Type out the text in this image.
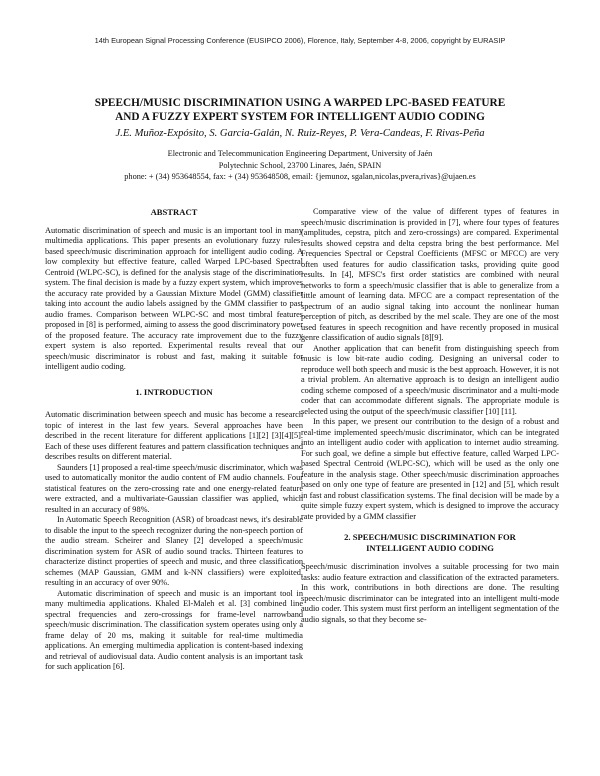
14th European Signal Processing Conference (EUSIPCO 2006), Florence, Italy, September 4-8, 2006, copyright by EURASIP
SPEECH/MUSIC DISCRIMINATION USING A WARPED LPC-BASED FEATURE
AND A FUZZY EXPERT SYSTEM FOR INTELLIGENT AUDIO CODING
J.E. Muñoz-Expósito, S. Garcia-Galán, N. Ruiz-Reyes, P. Vera-Candeas, F. Rivas-Peña
Electronic and Telecommunication Engineering Department, University of Jaén
Polytechnic School, 23700 Linares, Jaén, SPAIN
phone: + (34) 953648554, fax: + (34) 953648508, email: {jemunoz, sgalan,nicolas,pvera,rivas}@ujaen.es
ABSTRACT

Automatic discrimination of speech and music is an important tool in many multimedia applications. This paper presents an evolutionary fuzzy rules-based speech/music discrimination approach for intelligent audio coding. A low complexity but effective feature, called Warped LPC-based Spectral Centroid (WLPC-SC), is defined for the analysis stage of the discrimination system. The final decision is made by a fuzzy expert system, which improves the accuracy rate provided by a Gaussian Mixture Model (GMM) classifier taking into account the audio labels assigned by the GMM classifier to past audio frames. Comparison between WLPC-SC and most timbral features proposed in [8] is performed, aiming to assess the good discriminatory power of the proposed feature. The accuracy rate improvement due to the fuzzy expert system is also reported. Experimental results reveal that our speech/music discriminator is robust and fast, making it suitable for intelligent audio coding.

1. INTRODUCTION

Automatic discrimination between speech and music has become a research topic of interest in the last few years. Several approaches have been described in the recent literature for different applications [1][2] [3][4][5]. Each of these uses different features and pattern classification techniques and describes results on different material.

Saunders [1] proposed a real-time speech/music discriminator, which was used to automatically monitor the audio content of FM audio channels. Four statistical features on the zero-crossing rate and one energy-related feature were extracted, and a multivariate-Gaussian classifier was applied, which resulted in an accuracy of 98%.

In Automatic Speech Recognition (ASR) of broadcast news, it's desirable to disable the input to the speech recognizer during the non-speech portion of the audio stream. Scheirer and Slaney [2] developed a speech/music discrimination system for ASR of audio sound tracks. Thirteen features to characterize distinct properties of speech and music, and three classification schemes (MAP Gaussian, GMM and k-NN classifiers) were exploited, resulting in an accuracy of over 90%.

Automatic discrimination of speech and music is an important tool in many multimedia applications. Khaled El-Maleh et al. [3] combined line spectral frequencies and zero-crossings for frame-level narrowband speech/music discrimination. The classification system operates using only a frame delay of 20 ms, making it suitable for real-time multimedia applications. An emerging multimedia application is content-based indexing and retrieval of audiovisual data. Audio content analysis is an important task for such application [6].

Comparative view of the value of different types of features in speech/music discrimination is provided in [7], where four types of features (amplitudes, cepstra, pitch and zero-crossings) are compared. Experimental results showed cepstra and delta cepstra bring the best performance. Mel Frequencies Spectral or Cepstral Coefficients (MFSC or MFCC) are very often used features for audio classification tasks, providing quite good results. In [4], MFSC's first order statistics are combined with neural networks to form a speech/music classifier that is able to generalize from a little amount of learning data. MFCC are a compact representation of the spectrum of an audio signal taking into account the nonlinear human perception of pitch, as described by the mel scale. They are one of the most used features in speech recognition and have recently proposed in musical genre classification of audio signals [8][9].

Another application that can benefit from distinguishing speech from music is low bit-rate audio coding. Designing an universal coder to reproduce well both speech and music is the best approach. However, it is not a trivial problem. An alternative approach is to design an intelligent audio coding scheme composed of a speech/music discriminator and a multi-mode coder that can accommodate different signals. The appropriate module is selected using the output of the speech/music classifier [10] [11].

In this paper, we present our contribution to the design of a robust and real-time implemented speech/music discriminator, which can be integrated into an intelligent audio coder with application to internet audio streaming. For such goal, we define a simple but effective feature, called Warped LPC-based Spectral Centroid (WLPC-SC), which will be used as the only one feature in the analysis stage. Other speech/music discrimination approaches based on only one type of feature are presented in [12] and [5], which result in fast and robust classification systems. The final decision will be made by a quite simple fuzzy expert system, which is designed to improve the accuracy rate provided by a GMM classifier

2. SPEECH/MUSIC DISCRIMINATION FOR
INTELLIGENT AUDIO CODING

Speech/music discrimination involves a suitable processing for two main tasks: audio feature extraction and classification of the extracted parameters. In this work, contributions in both directions are done. The resulting speech/music discriminator can be integrated into an intelligent multi-mode audio coder. This system must first perform an intelligent segmentation of the audio signals, so that they become se-
